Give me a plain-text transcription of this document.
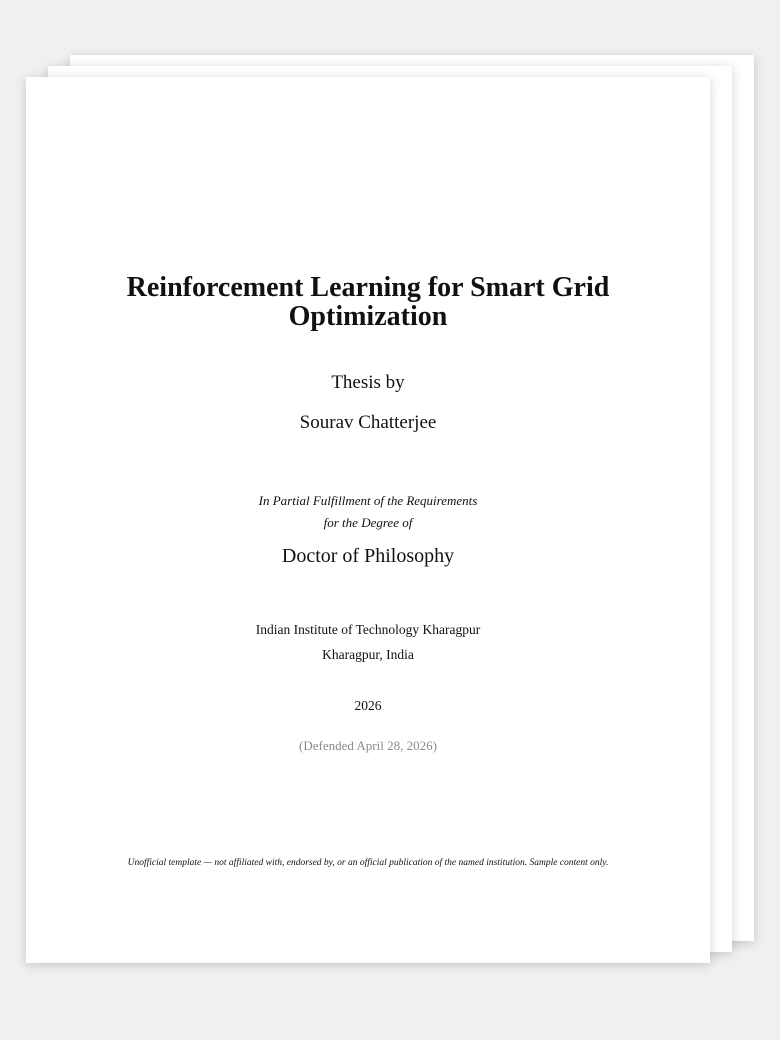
Reinforcement Learning for Smart Grid
Optimization
Thesis by
Sourav Chatterjee
In Partial Fulfillment of the Requirements
for the Degree of
Doctor of Philosophy
Indian Institute of Technology Kharagpur
Kharagpur, India
2026
(Defended April 28, 2026)
Unofficial template — not affiliated with, endorsed by, or an official publication of the named institution. Sample content only.
